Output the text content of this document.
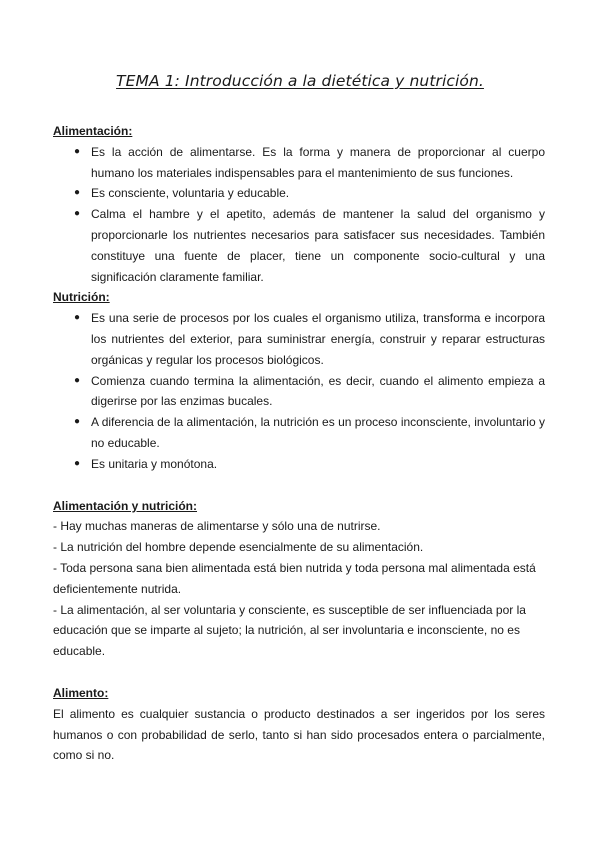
TEMA 1: Introducción a la dietética y nutrición.

Alimentación:

● Es la acción de alimentarse. Es la forma y manera de proporcionar al cuerpo humano los materiales indispensables para el mantenimiento de sus funciones.
● Es consciente, voluntaria y educable.
● Calma el hambre y el apetito, además de mantener la salud del organismo y proporcionarle los nutrientes necesarios para satisfacer sus necesidades. También constituye una fuente de placer, tiene un componente socio-cultural y una significación claramente familiar.

Nutrición:

● Es una serie de procesos por los cuales el organismo utiliza, transforma e incorpora los nutrientes del exterior, para suministrar energía, construir y reparar estructuras orgánicas y regular los procesos biológicos.
● Comienza cuando termina la alimentación, es decir, cuando el alimento empieza a digerirse por las enzimas bucales.
● A diferencia de la alimentación, la nutrición es un proceso inconsciente, involuntario y no educable.
● Es unitaria y monótona.

Alimentación y nutrición:

- Hay muchas maneras de alimentarse y sólo una de nutrirse.

- La nutrición del hombre depende esencialmente de su alimentación.

- Toda persona sana bien alimentada está bien nutrida y toda persona mal alimentada está deficientemente nutrida.

- La alimentación, al ser voluntaria y consciente, es susceptible de ser influenciada por la educación que se imparte al sujeto; la nutrición, al ser involuntaria e inconsciente, no es educable.

Alimento:

El alimento es cualquier sustancia o producto destinados a ser ingeridos por los seres humanos o con probabilidad de serlo, tanto si han sido procesados entera o parcialmente, como si no.
